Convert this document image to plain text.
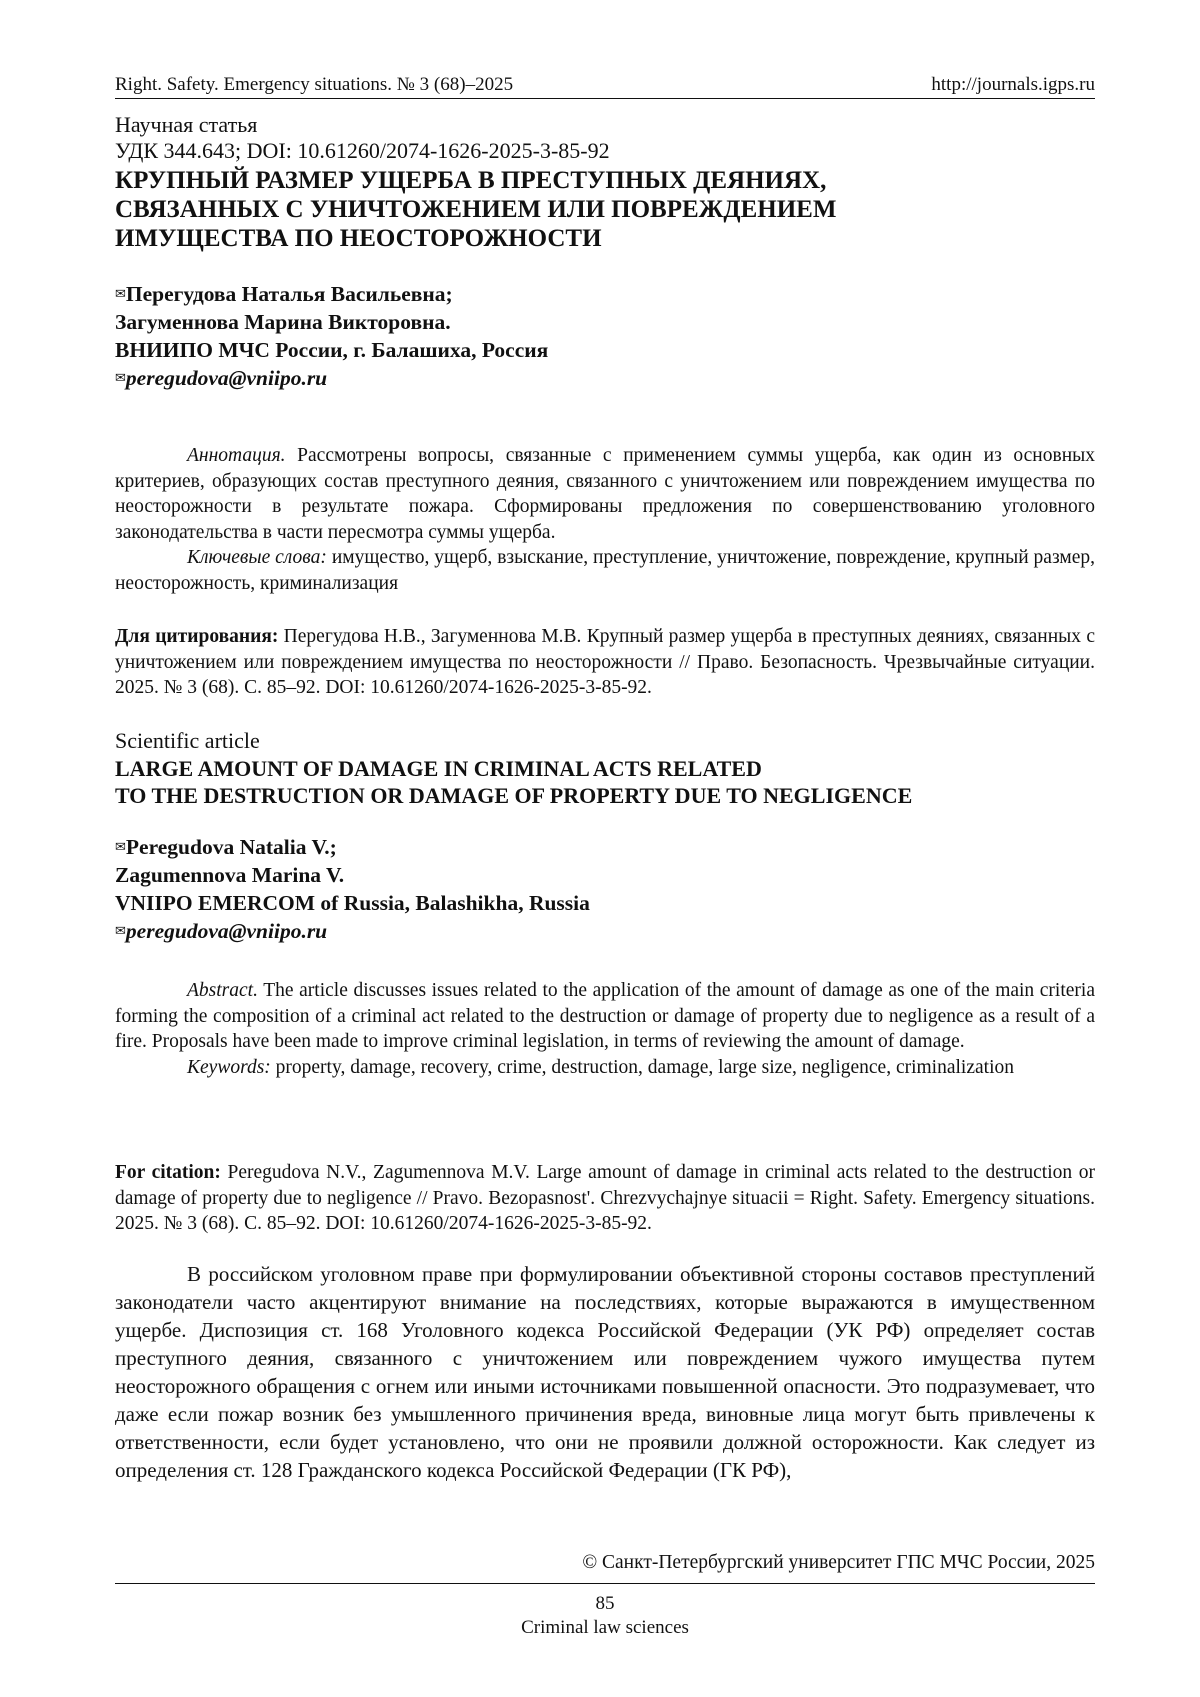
Right. Safety. Emergency situations. № 3 (68)–2025	http://journals.igps.ru
Научная статья
УДК 344.643; DOI: 10.61260/2074-1626-2025-3-85-92
КРУПНЫЙ РАЗМЕР УЩЕРБА В ПРЕСТУПНЫХ ДЕЯНИЯХ,
СВЯЗАННЫХ С УНИЧТОЖЕНИЕМ ИЛИ ПОВРЕЖДЕНИЕМ
ИМУЩЕСТВА ПО НЕОСТОРОЖНОСТИ
✉Перегудова Наталья Васильевна;
Загуменнова Марина Викторовна.
ВНИИПО МЧС России, г. Балашиха, Россия
✉peregudova@vniipo.ru

Аннотация. Рассмотрены вопросы, связанные с применением суммы ущерба, как один из основных критериев, образующих состав преступного деяния, связанного с уничтожением или повреждением имущества по неосторожности в результате пожара. Сформированы предложения по совершенствованию уголовного законодательства в части пересмотра суммы ущерба.

Ключевые слова: имущество, ущерб, взыскание, преступление, уничтожение, повреждение, крупный размер, неосторожность, криминализация

Для цитирования: Перегудова Н.В., Загуменнова М.В. Крупный размер ущерба в преступных деяниях, связанных с уничтожением или повреждением имущества по неосторожности // Право. Безопасность. Чрезвычайные ситуации. 2025. № 3 (68). С. 85–92. DOI: 10.61260/2074-1626-2025-3-85-92.

Scientific article
LARGE AMOUNT OF DAMAGE IN CRIMINAL ACTS RELATED
TO THE DESTRUCTION OR DAMAGE OF PROPERTY DUE TO NEGLIGENCE
✉Peregudova Natalia V.;
Zagumennova Marina V.
VNIIPO EMERCOM of Russia, Balashikha, Russia
✉peregudova@vniipo.ru

Abstract. The article discusses issues related to the application of the amount of damage as one of the main criteria forming the composition of a criminal act related to the destruction or damage of property due to negligence as a result of a fire. Proposals have been made to improve criminal legislation, in terms of reviewing the amount of damage.

Keywords: property, damage, recovery, crime, destruction, damage, large size, negligence, criminalization

For citation: Peregudova N.V., Zagumennova M.V. Large amount of damage in criminal acts related to the destruction or damage of property due to negligence // Pravo. Bezopasnost'. Chrezvychajnye situacii = Right. Safety. Emergency situations. 2025. № 3 (68). С. 85–92. DOI: 10.61260/2074-1626-2025-3-85-92.

В российском уголовном праве при формулировании объективной стороны составов преступлений законодатели часто акцентируют внимание на последствиях, которые выражаются в имущественном ущербе. Диспозиция ст. 168 Уголовного кодекса Российской Федерации (УК РФ) определяет состав преступного деяния, связанного с уничтожением или повреждением чужого имущества путем неосторожного обращения с огнем или иными источниками повышенной опасности. Это подразумевает, что даже если пожар возник без умышленного причинения вреда, виновные лица могут быть привлечены к ответственности, если будет установлено, что они не проявили должной осторожности. Как следует из определения ст. 128 Гражданского кодекса Российской Федерации (ГК РФ),

© Санкт-Петербургский университет ГПС МЧС России, 2025
85
Criminal law sciences
